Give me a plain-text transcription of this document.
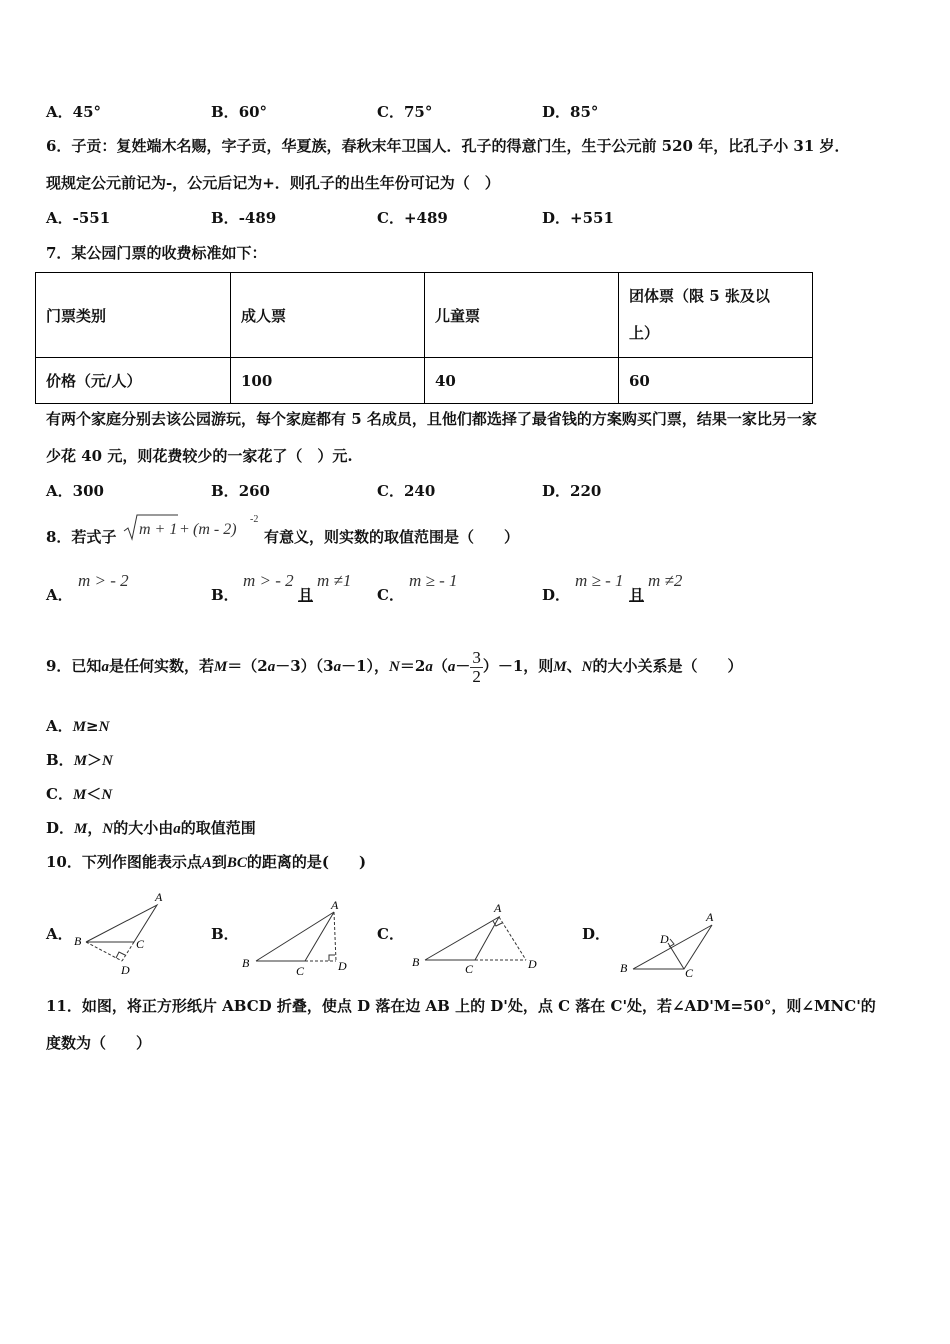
A．45°	B．60°	C．75°	D．85°
6．子贡：复姓端木名赐，字子贡，华夏族，春秋末年卫国人．孔子的得意门生，生于公元前 520 年，比孔子小 31 岁．
现规定公元前记为-，公元后记为+．则孔子的出生年份可记为（　）
A．-551	B．-489	C．+489	D．+551
7．某公园门票的收费标准如下：
门票类别	成人票	儿童票	团体票（限 5 张及以
上）

价格（元/人）	100	40	60
有两个家庭分别去该公园游玩，每个家庭都有 5 名成员，且他们都选择了最省钱的方案购买门票，结果一家比另一家
少花 40 元，则花费较少的一家花了（　）元.
A．300	B．260	C．240	D．220
8．若式子 m + 1 + (m - 2)
-2
有意义，则实数的取值范围是（　　）
A．
m > - 2
B．
m > - 2
且
m ≠1
C．
m ≥ - 1
D．
m ≥ - 1
且
m ≠2
9．已知a是任何实数，若M＝（2a－3）（3a－1），$N=2a(a- \frac{3}{2} )-1$，则M、N的大小关系是（　　）
A．M≥N
B．M＞N
C．M＜N
D．M，N的大小由a的取值范围
10．下列作图能表示点A到BC的距离的是(　　)
A．
A
B	C
D
B．
A
B
C	D
C．
A
B	C	D
D．
A
B	C
D
11．如图，将正方形纸片 ABCD 折叠，使点 D 落在边 AB 上的 D'处，点 C 落在 C'处，若∠AD'M=50°，则∠MNC'的
度数为（　　）
